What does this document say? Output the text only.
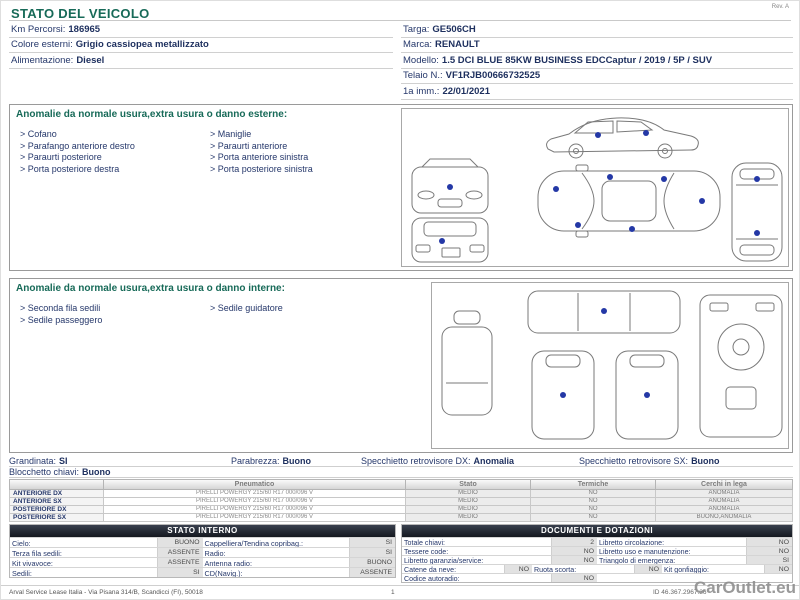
STATO DEL VEICOLO	Rev. A
Km Percorsi: 186965
Colore esterni: Grigio cassiopea metallizzato
Alimentazione: Diesel
Targa: GE506CH
Marca: RENAULT
Modello: 1.5 DCI BLUE 85KW BUSINESS EDCCaptur / 2019 / 5P / SUV
Telaio N.: VF1RJB00666732525
1a imm.: 22/01/2021
Anomalie da normale usura,extra usura o danno esterne:
> Cofano
> Parafango anteriore destro
> Paraurti posteriore
> Porta posteriore destra
> Maniglie
> Paraurti anteriore
> Porta anteriore sinistra
> Porta posteriore sinistra
Anomalie da normale usura,extra usura o danno interne:
> Seconda fila sedili
> Sedile passeggero
> Sedile guidatore
Grandinata: SI	Parabrezza: Buono	Specchietto retrovisore DX: Anomalia	Specchietto retrovisore SX: Buono
Blocchetto chiavi: Buono
Pneumatico	Stato	Termiche	Cerchi in lega
ANTERIORE DX	PIRELLI POWERGY 215/60 R17 000/096 V	MEDIO	NO	ANOMALIA
ANTERIORE SX	PIRELLI POWERGY 215/60 R17 000/096 V	MEDIO	NO	ANOMALIA
POSTERIORE DX	PIRELLI POWERGY 215/60 R17 000/096 V	MEDIO	NO	ANOMALIA
POSTERIORE SX	PIRELLI POWERGY 215/60 R17 000/096 V	MEDIO	NO	BUONO,ANOMALIA
STATO INTERNO
Cielo:	BUONO Cappelliera/Tendina copribag.:	SI
Terza fila sedili:	ASSENTE Radio:	SI
Kit vivavoce:	ASSENTE Antenna radio:	BUONO
Sedili:	SI CD(Navig.):	ASSENTE
DOCUMENTI E DOTAZIONI
Totale chiavi:	2 Libretto circolazione:	NO
Tessere code:	NO Libretto uso e manutenzione:	NO
Libretto garanzia/service:	NO Triangolo di emergenza:	SI
Catene da neve:	NO Ruota scorta:	NO Kit gonfiaggio:	NO
Codice autoradio:	NO
Arval Service Lease Italia - Via Pisana 314/B, Scandicci (FI), 50018	1	ID 46.367.2967.36
CarOutlet.eu
